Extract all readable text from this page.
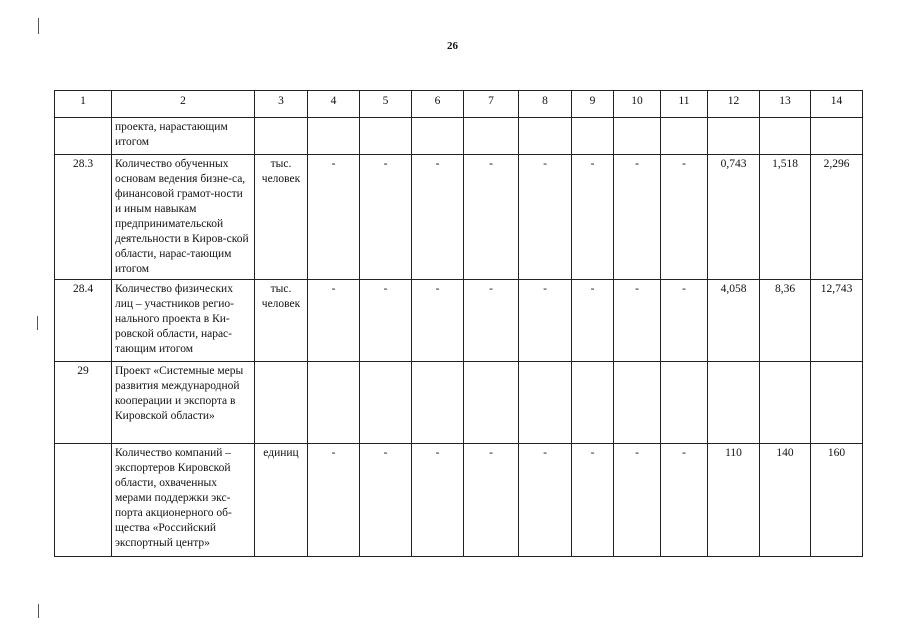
26
1	2	3	4	5	6	7	8	9	10	11	12	13	14
	проекта, нарастающим итогом												
28.3	Количество обученных основам ведения бизне-са, финансовой грамот-ности и иным навыкам предпринимательской деятельности в Киров-ской области, нарас-тающим итогом	тыс. человек	-	-	-	-	-	-	-	-	0,743	1,518	2,296
28.4	Количество физических лиц – участников регио-нального проекта в Ки-ровской области, нарас-тающим итогом	тыс. человек	-	-	-	-	-	-	-	-	4,058	8,36	12,743
29	Проект «Системные меры развития международной кооперации и экспорта в Кировской области»												
	Количество компаний – экспортеров Кировской области, охваченных мерами поддержки экс-порта акционерного об-щества «Российский экспортный центр»	единиц	-	-	-	-	-	-	-	-	110	140	160
